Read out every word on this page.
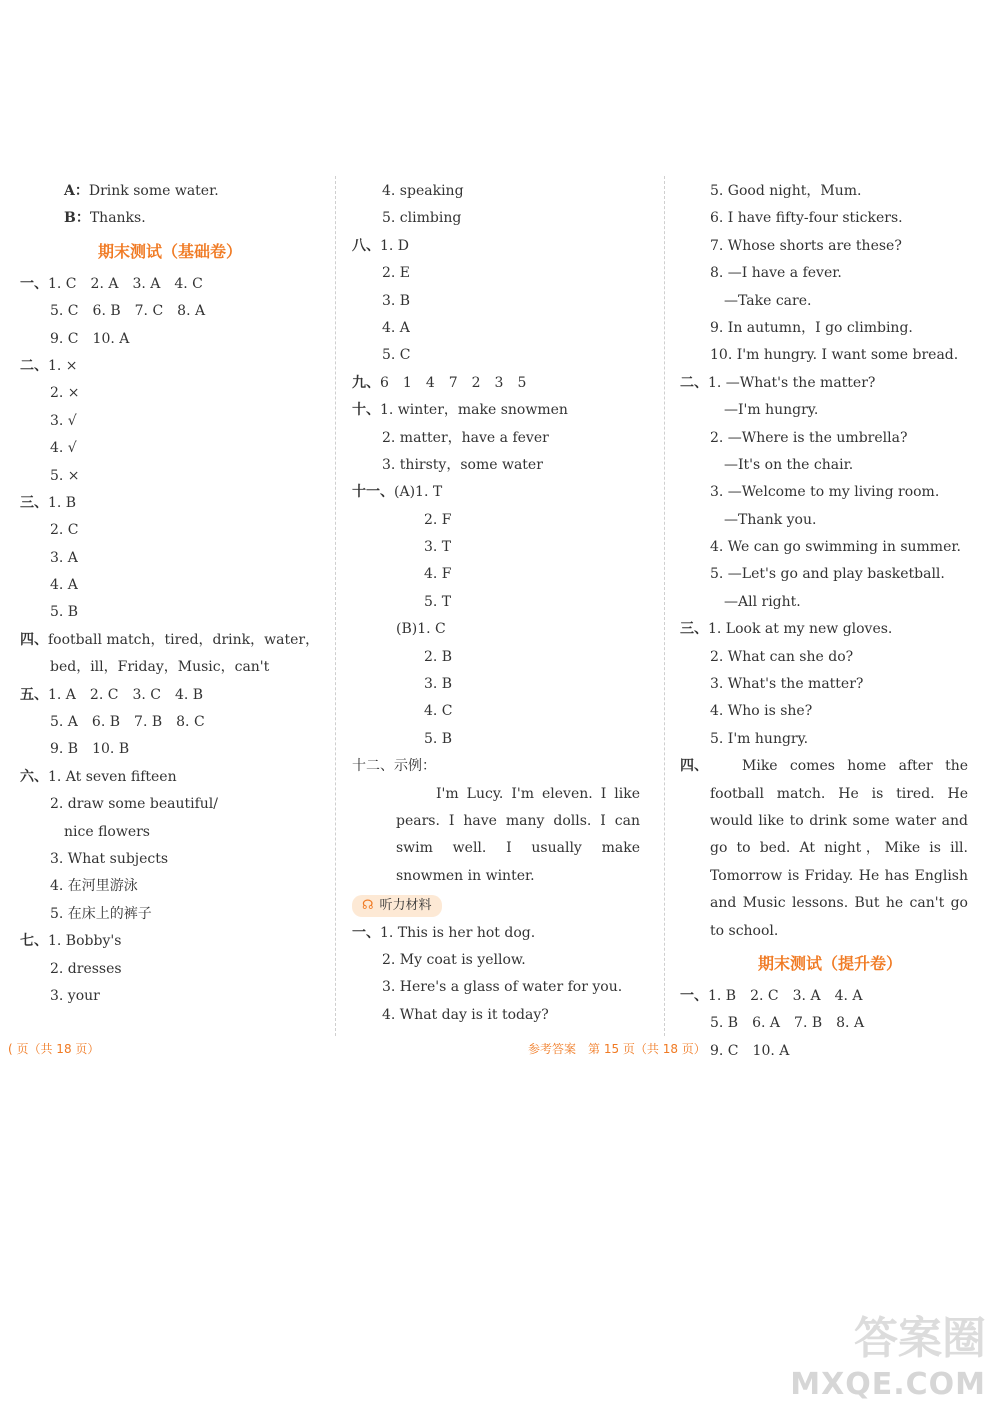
A：Drink some water.
B：Thanks.
期末测试（基础卷）
一、1. C 2. A 3. A 4. C
5. C 6. B 7. C 8. A
9. C 10. A
二、1. ×
2. ×
3. √
4. √
5. ×
三、1. B
2. C
3. A
4. A
5. B
四、football match，tired，drink，water，
bed，ill，Friday，Music，can't
五、1. A 2. C 3. C 4. B
5. A 6. B 7. B 8. C
9. B 10. B
六、1. At seven fifteen
2. draw some beautiful/
nice flowers
3. What subjects
4. 在河里游泳
5. 在床上的裤子
七、1. Bobby's
2. dresses
3. your
4. speaking
5. climbing
八、1. D
2. E
3. B
4. A
5. C
九、6　1　4　7　2　3　5
十、1. winter，make snowmen
2. matter，have a fever
3. thirsty，some water
十一、(A)1. T
2. F
3. T
4. F
5. T
(B)1. C
2. B
3. B
4. C
5. B
十二、示例：
I'm Lucy. I'm eleven. I like pears. I have many dolls. I can swim well. I usually make snowmen in winter.
☊ 听力材料
一、1. This is her hot dog.
2. My coat is yellow.
3. Here's a glass of water for you.
4. What day is it today?
5. Good night，Mum.
6. I have fifty-four stickers.
7. Whose shorts are these?
8. —I have a fever.
—Take care.
9. In autumn，I go climbing.
10. I'm hungry. I want some bread.
二、1. —What's the matter?
—I'm hungry.
2. —Where is the umbrella?
—It's on the chair.
3. —Welcome to my living room.
—Thank you.
4. We can go swimming in summer.
5. —Let's go and play basketball.
—All right.
三、1. Look at my new gloves.
2. What can she do?
3. What's the matter?
4. Who is she?
5. I'm hungry.
四、	Mike comes home after the football match. He is tired. He would like to drink some water and go to bed. At night，Mike is ill. Tomorrow is Friday. He has English and Music lessons. But he can't go to school.
期末测试（提升卷）
一、1. B 2. C 3. A 4. A
5. B 6. A 7. B 8. A
9. C 10. A
( 页（共 18 页）	参考答案　第 15 页（共 18 页）
答案圈
MXQE.COM
